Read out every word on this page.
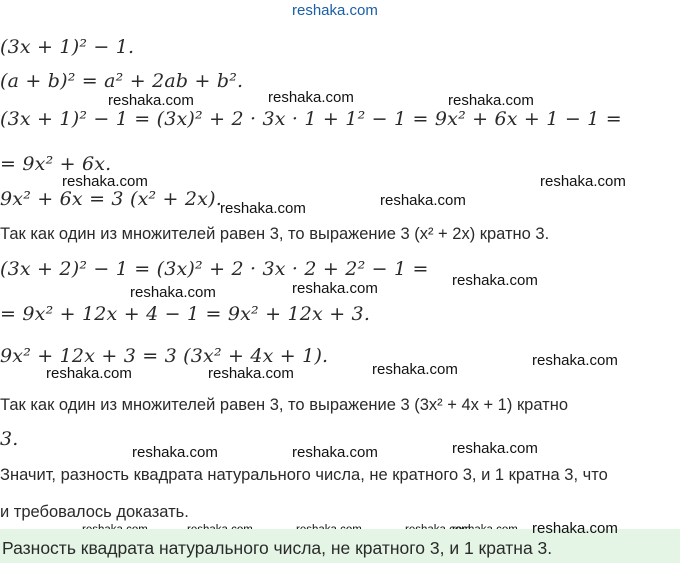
reshaka.com
(3x + 1)² − 1.
(a + b)² = a² + 2ab + b².
(3x + 1)² − 1 = (3x)² + 2 · 3x · 1 + 1² − 1 = 9x² + 6x + 1 − 1 =
= 9x² + 6x.
9x² + 6x = 3 (x² + 2x).
Так как один из множителей равен 3, то выражение 3 (x² + 2x) кратно 3.
(3x + 2)² − 1 = (3x)² + 2 · 3x · 2 + 2² − 1 =
= 9x² + 12x + 4 − 1 = 9x² + 12x + 3.
9x² + 12x + 3 = 3 (3x² + 4x + 1).
Так как один из множителей равен 3, то выражение 3 (3x² + 4x + 1) кратно
3.
Значит, разность квадрата натурального числа, не кратного 3, и 1 кратна 3, что
и требовалось доказать.
reshaka.com	reshaka.com	reshaka.com
reshaka.com	reshaka.com
reshaka.com
reshaka.com
reshaka.com	reshaka.com	reshaka.com
reshaka.com	reshaka.com	reshaka.com
reshaka.com
reshaka.com	reshaka.com	reshaka.com
reshaka.com
Разность квадрата натурального числа, не кратного 3, и 1 кратна 3.
